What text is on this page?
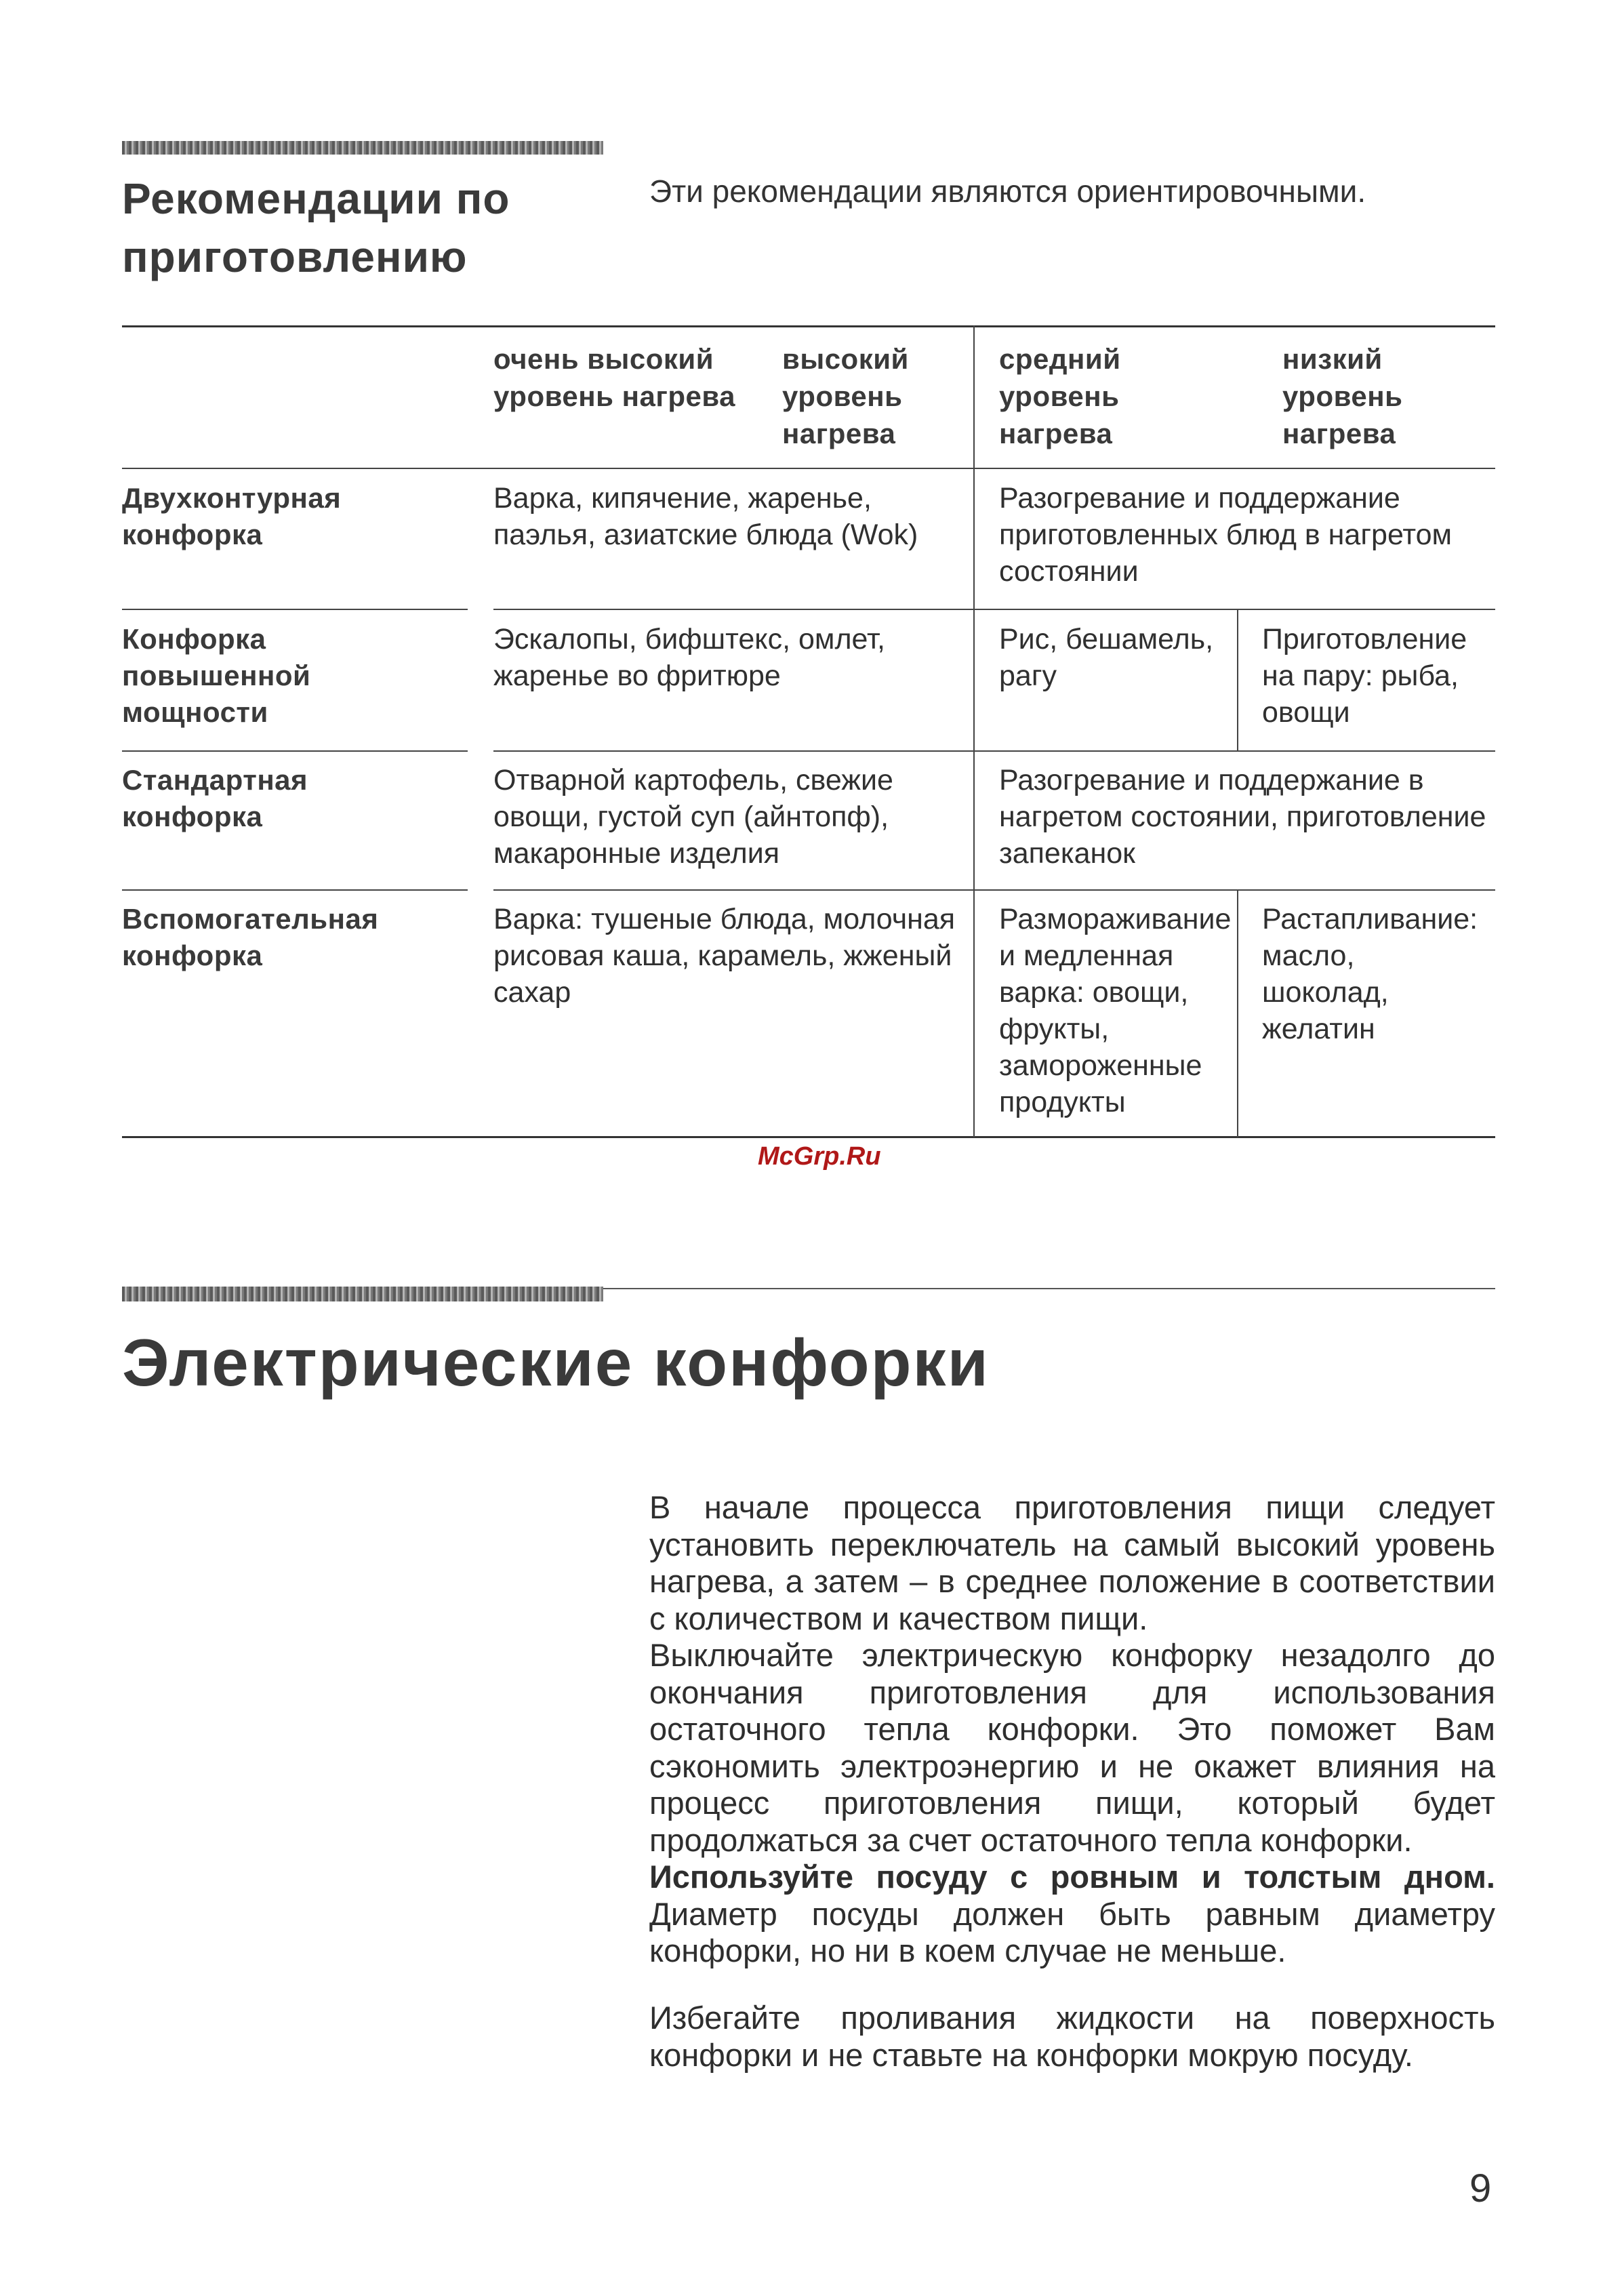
Рекомендации по приготовлению
Эти рекомендации являются ориентировочными.
очень высокий уровень нагрева
высокий уровень нагрева
средний уровень нагрева
низкий уровень нагрева
Двухконтурная конфорка
Варка, кипячение, жаренье, паэлья, азиатские блюда (Wok)
Разогревание и поддержание приготовленных блюд в нагретом состоянии
Конфорка повышенной мощности
Эскалопы, бифштекс, омлет, жаренье во фритюре
Рис, бешамель, рагу
Приготовление на пару: рыба, овощи
Стандартная конфорка
Отварной картофель, свежие овощи, густой суп (айнтопф), макаронные изделия
Разогревание и поддержание в нагретом состоянии, приготовление запеканок
Вспомогательная конфорка
Варка: тушеные блюда, молочная рисовая каша, карамель, жженый сахар
Размораживание и медленная варка: овощи, фрукты, замороженные продукты
Растапливание: масло, шоколад, желатин
McGrp.Ru
Электрические конфорки

В начале процесса приготовления пищи следует установить переключатель на самый высокий уровень нагрева, а затем – в среднее положение в соответствии с количеством и качеством пищи.

Выключайте электрическую конфорку незадолго до окончания приготовления для использования остаточного тепла конфорки. Это поможет Вам сэкономить электроэнергию и не окажет влияния на процесс приготовления пищи, который будет продолжаться за счет остаточного тепла конфорки.

Используйте посуду с ровным и толстым дном. Диаметр посуды должен быть равным диаметру конфорки, но ни в коем случае не меньше.

Избегайте проливания жидкости на поверхность конфорки и не ставьте на конфорки мокрую посуду.

9
